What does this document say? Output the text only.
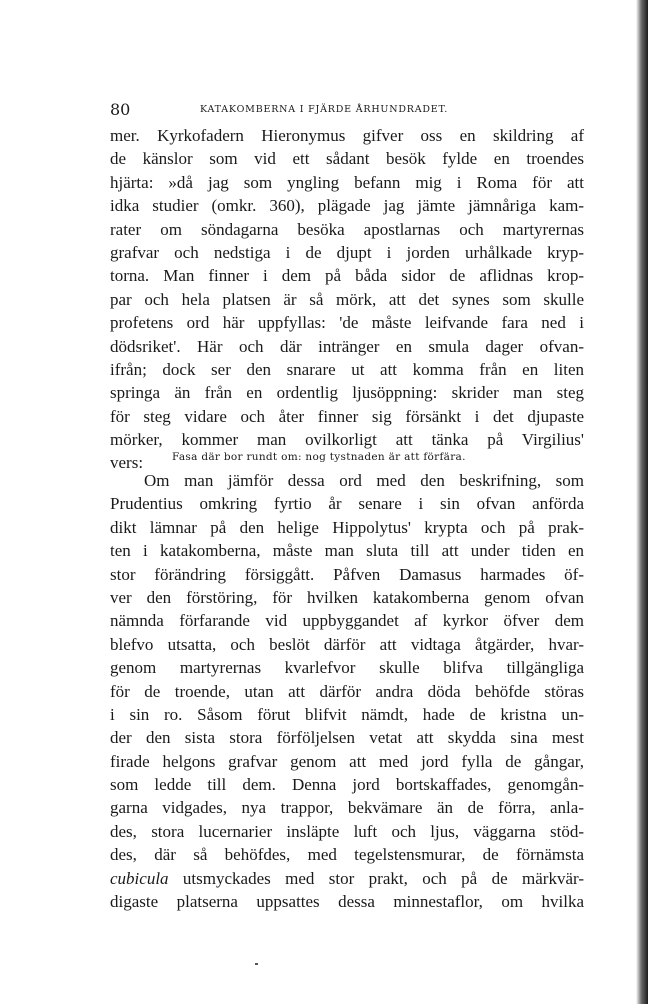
80	KATAKOMBERNA I FJÄRDE ÅRHUNDRADET.
mer. Kyrkofadern Hieronymus gifver oss en skildring af
de känslor som vid ett sådant besök fylde en troendes
hjärta: »då jag som yngling befann mig i Roma för att
idka studier (omkr. 360), plägade jag jämte jämnåriga kam-
rater om söndagarna besöka apostlarnas och martyrernas
grafvar och nedstiga i de djupt i jorden urhålkade kryp-
torna. Man finner i dem på båda sidor de aflidnas krop-
par och hela platsen är så mörk, att det synes som skulle
profetens ord här uppfyllas: 'de måste leifvande fara ned i
dödsriket'. Här och där intränger en smula dager ofvan-
ifrån; dock ser den snarare ut att komma från en liten
springa än från en ordentlig ljusöppning: skrider man steg
för steg vidare och åter finner sig försänkt i det djupaste
mörker, kommer man ovilkorligt att tänka på Virgilius'
vers:	Fasa där bor rundt om: nog tystnaden är att förfära.
Om man jämför dessa ord med den beskrifning, som
Prudentius omkring fyrtio år senare i sin ofvan anförda
dikt lämnar på den helige Hippolytus' krypta och på prak-
ten i katakomberna, måste man sluta till att under tiden en
stor förändring försiggått. Påfven Damasus harmades öf-
ver den förstöring, för hvilken katakomberna genom ofvan
nämnda förfarande vid uppbyggandet af kyrkor öfver dem
blefvo utsatta, och beslöt därför att vidtaga åtgärder, hvar-
genom martyrernas kvarlefvor skulle blifva tillgängliga
för de troende, utan att därför andra döda behöfde störas
i sin ro. Såsom förut blifvit nämdt, hade de kristna un-
der den sista stora förföljelsen vetat att skydda sina mest
firade helgons grafvar genom att med jord fylla de gångar,
som ledde till dem. Denna jord bortskaffades, genomgån-
garna vidgades, nya trappor, bekvämare än de förra, anla-
des, stora lucernarier insläpte luft och ljus, väggarna stöd-
des, där så behöfdes, med tegelstensmurar, de förnämsta
cubicula utsmyckades med stor prakt, och på de märkvär-
digaste platserna uppsattes dessa minnestaflor, om hvilka
